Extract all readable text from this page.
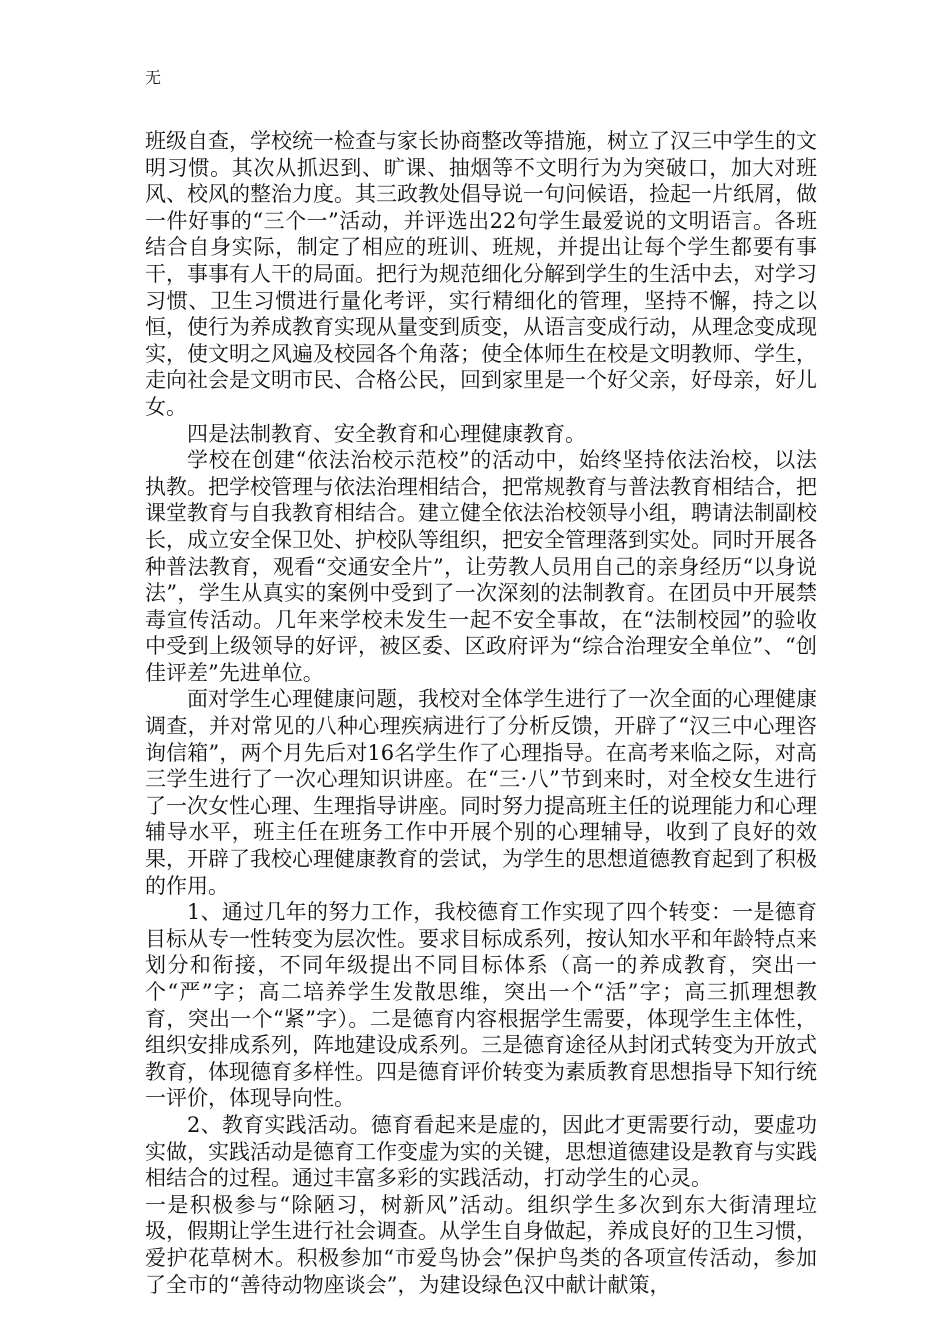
无

班级自查，学校统一检查与家长协商整改等措施，树立了汉三中学生的文明习惯。其次从抓迟到、旷课、抽烟等不文明行为为突破口，加大对班风、校风的整治力度。其三政教处倡导说一句问候语，捡起一片纸屑，做一件好事的“三个一”活动，并评选出22句学生最爱说的文明语言。各班结合自身实际，制定了相应的班训、班规，并提出让每个学生都要有事干，事事有人干的局面。把行为规范细化分解到学生的生活中去，对学习习惯、卫生习惯进行量化考评，实行精细化的管理，坚持不懈，持之以恒，使行为养成教育实现从量变到质变，从语言变成行动，从理念变成现实，使文明之风遍及校园各个角落；使全体师生在校是文明教师、学生，走向社会是文明市民、合格公民，回到家里是一个好父亲，好母亲，好儿女。

四是法制教育、安全教育和心理健康教育。

学校在创建“依法治校示范校”的活动中，始终坚持依法治校，以法执教。把学校管理与依法治理相结合，把常规教育与普法教育相结合，把课堂教育与自我教育相结合。建立健全依法治校领导小组，聘请法制副校长，成立安全保卫处、护校队等组织，把安全管理落到实处。同时开展各种普法教育，观看“交通安全片”，让劳教人员用自己的亲身经历“以身说法”，学生从真实的案例中受到了一次深刻的法制教育。在团员中开展禁毒宣传活动。几年来学校未发生一起不安全事故，在“法制校园”的验收中受到上级领导的好评，被区委、区政府评为“综合治理安全单位”、“创佳评差”先进单位。

面对学生心理健康问题，我校对全体学生进行了一次全面的心理健康调查，并对常见的八种心理疾病进行了分析反馈，开辟了“汉三中心理咨询信箱”，两个月先后对16名学生作了心理指导。在高考来临之际，对高三学生进行了一次心理知识讲座。在“三·八”节到来时，对全校女生进行了一次女性心理、生理指导讲座。同时努力提高班主任的说理能力和心理辅导水平，班主任在班务工作中开展个别的心理辅导，收到了良好的效果，开辟了我校心理健康教育的尝试，为学生的思想道德教育起到了积极的作用。

1、通过几年的努力工作，我校德育工作实现了四个转变：一是德育目标从专一性转变为层次性。要求目标成系列，按认知水平和年龄特点来划分和衔接，不同年级提出不同目标体系（高一的养成教育，突出一个“严”字；高二培养学生发散思维，突出一个“活”字；高三抓理想教育，突出一个“紧”字）。二是德育内容根据学生需要，体现学生主体性，组织安排成系列，阵地建设成系列。三是德育途径从封闭式转变为开放式教育，体现德育多样性。四是德育评价转变为素质教育思想指导下知行统一评价，体现导向性。

2、教育实践活动。德育看起来是虚的，因此才更需要行动，要虚功实做，实践活动是德育工作变虚为实的关键，思想道德建设是教育与实践相结合的过程。通过丰富多彩的实践活动，打动学生的心灵。

一是积极参与“除陋习，树新风”活动。组织学生多次到东大街清理垃圾，假期让学生进行社会调查。从学生自身做起，养成良好的卫生习惯，爱护花草树木。积极参加“市爱鸟协会”保护鸟类的各项宣传活动，参加了全市的“善待动物座谈会”，为建设绿色汉中献计献策，
